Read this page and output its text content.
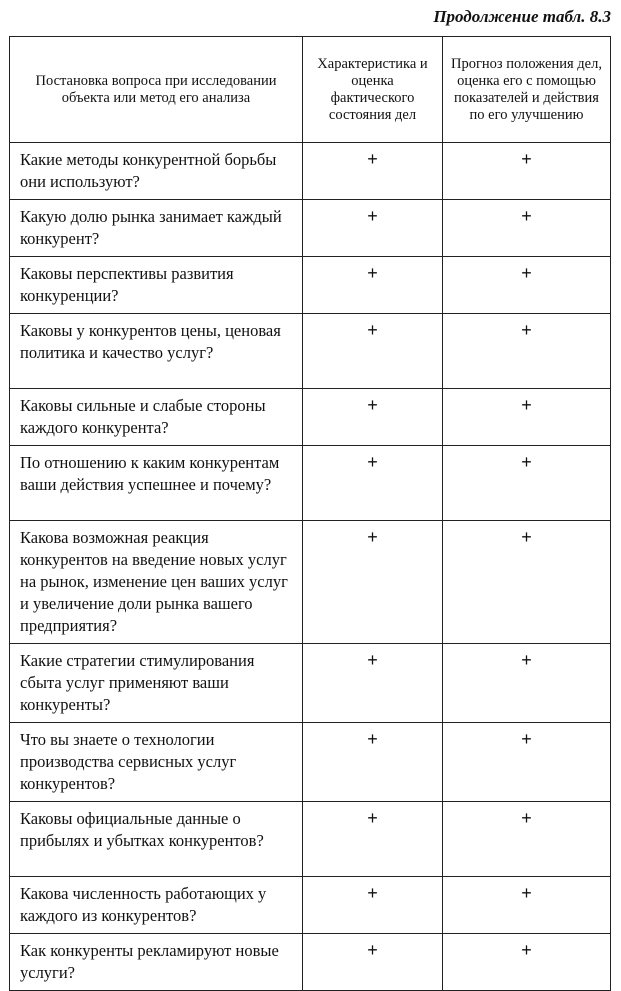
Продолжение табл. 8.3
Постановка вопроса при исследовании объекта или метод его анализа	Характеристика и оценка фактического состояния дел	Прогноз положения дел, оценка его с помощью показателей и действия по его улучшению
Какие методы конкурентной борьбы они используют?	+	+
Какую долю рынка занимает каждый конкурент?	+	+
Каковы перспективы развития конкуренции?	+	+
Каковы у конкурентов цены, ценовая политика и качество услуг?	+	+
Каковы сильные и слабые стороны каждого конкурента?	+	+
По отношению к каким конкурентам ваши действия успешнее и почему?	+	+
Какова возможная реакция конкурентов на введение новых услуг на рынок, изменение цен ваших услуг и увеличение доли рынка вашего предприятия?	+	+
Какие стратегии стимулирования сбыта услуг применяют ваши конкуренты?	+	+
Что вы знаете о технологии производства сервисных услуг конкурентов?	+	+
Каковы официальные данные о прибылях и убытках конкурентов?	+	+
Какова численность работающих у каждого из конкурентов?	+	+
Как конкуренты рекламируют новые услуги?	+	+
